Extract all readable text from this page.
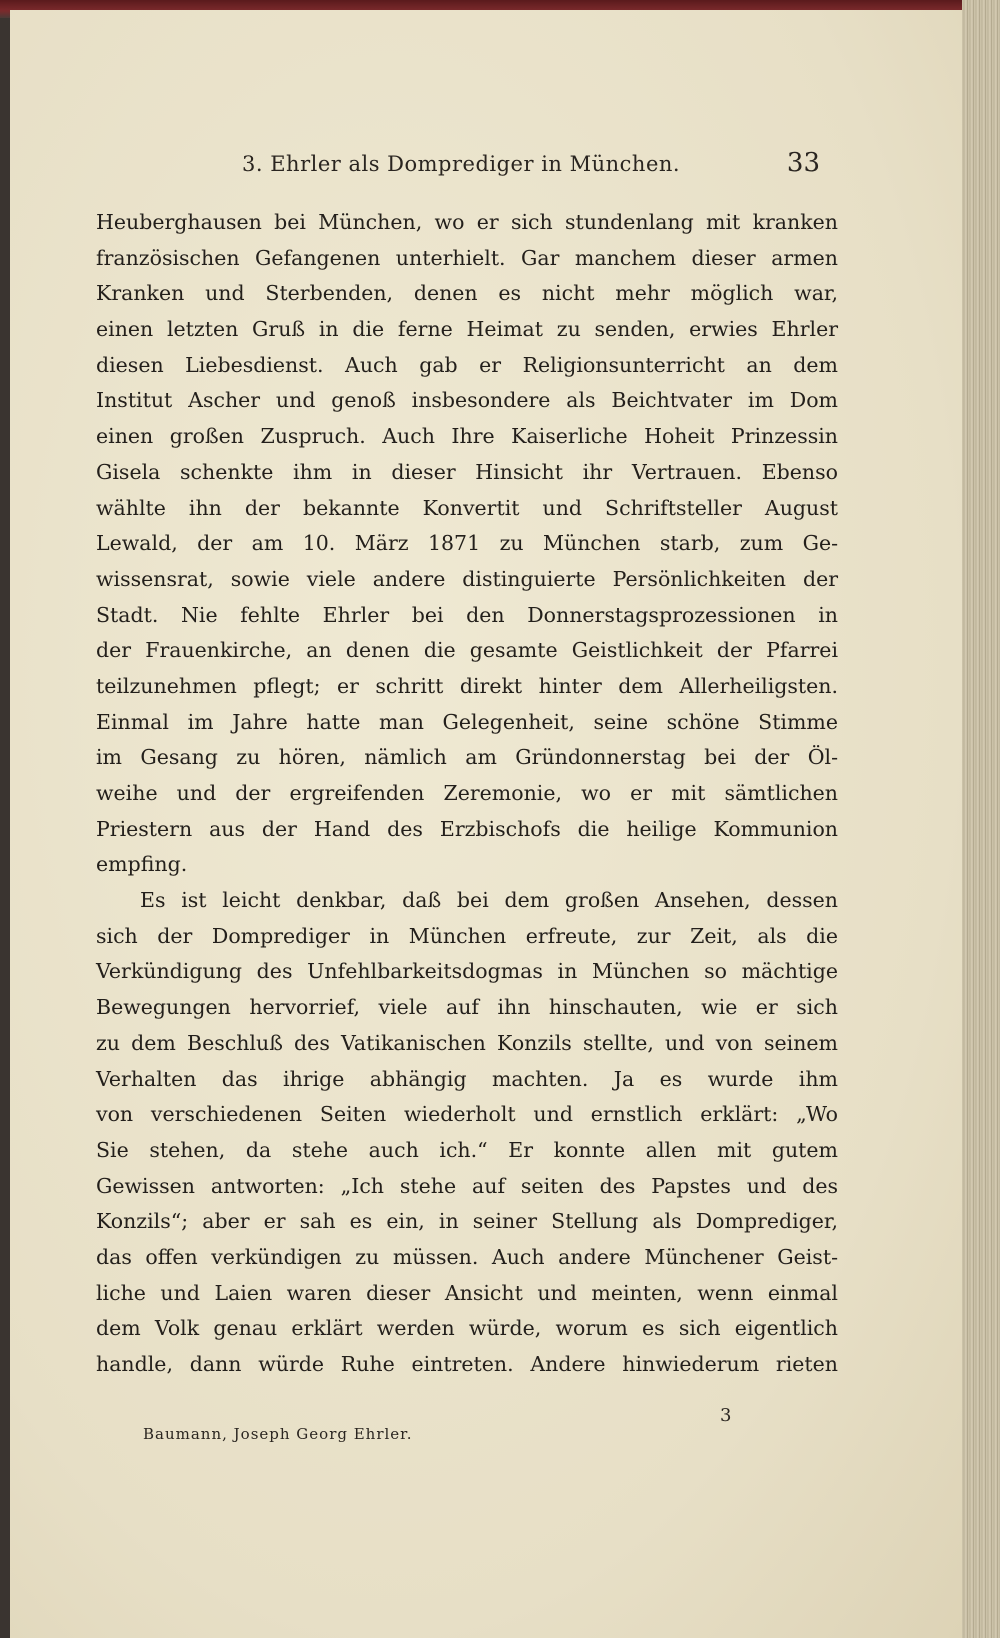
3. Ehrler als Domprediger in München.	33
Heuberghausen bei München, wo er sich stundenlang mit kranken
französischen Gefangenen unterhielt. Gar manchem dieser armen
Kranken und Sterbenden, denen es nicht mehr möglich war,
einen letzten Gruß in die ferne Heimat zu senden, erwies Ehrler
diesen Liebesdienst. Auch gab er Religionsunterricht an dem
Institut Ascher und genoß insbesondere als Beichtvater im Dom
einen großen Zuspruch. Auch Ihre Kaiserliche Hoheit Prinzessin
Gisela schenkte ihm in dieser Hinsicht ihr Vertrauen. Ebenso
wählte ihn der bekannte Konvertit und Schriftsteller August
Lewald, der am 10. März 1871 zu München starb, zum Ge-
wissensrat, sowie viele andere distinguierte Persönlichkeiten der
Stadt. Nie fehlte Ehrler bei den Donnerstagsprozessionen in
der Frauenkirche, an denen die gesamte Geistlichkeit der Pfarrei
teilzunehmen pflegt; er schritt direkt hinter dem Allerheiligsten.
Einmal im Jahre hatte man Gelegenheit, seine schöne Stimme
im Gesang zu hören, nämlich am Gründonnerstag bei der Öl-
weihe und der ergreifenden Zeremonie, wo er mit sämtlichen
Priestern aus der Hand des Erzbischofs die heilige Kommunion
empfing.
Es ist leicht denkbar, daß bei dem großen Ansehen, dessen
sich der Domprediger in München erfreute, zur Zeit, als die
Verkündigung des Unfehlbarkeitsdogmas in München so mächtige
Bewegungen hervorrief, viele auf ihn hinschauten, wie er sich
zu dem Beschluß des Vatikanischen Konzils stellte, und von seinem
Verhalten das ihrige abhängig machten. Ja es wurde ihm
von verschiedenen Seiten wiederholt und ernstlich erklärt: „Wo
Sie stehen, da stehe auch ich.“ Er konnte allen mit gutem
Gewissen antworten: „Ich stehe auf seiten des Papstes und des
Konzils“; aber er sah es ein, in seiner Stellung als Domprediger,
das offen verkündigen zu müssen. Auch andere Münchener Geist-
liche und Laien waren dieser Ansicht und meinten, wenn einmal
dem Volk genau erklärt werden würde, worum es sich eigentlich
handle, dann würde Ruhe eintreten. Andere hinwiederum rieten
3
Baumann, Joseph Georg Ehrler.
